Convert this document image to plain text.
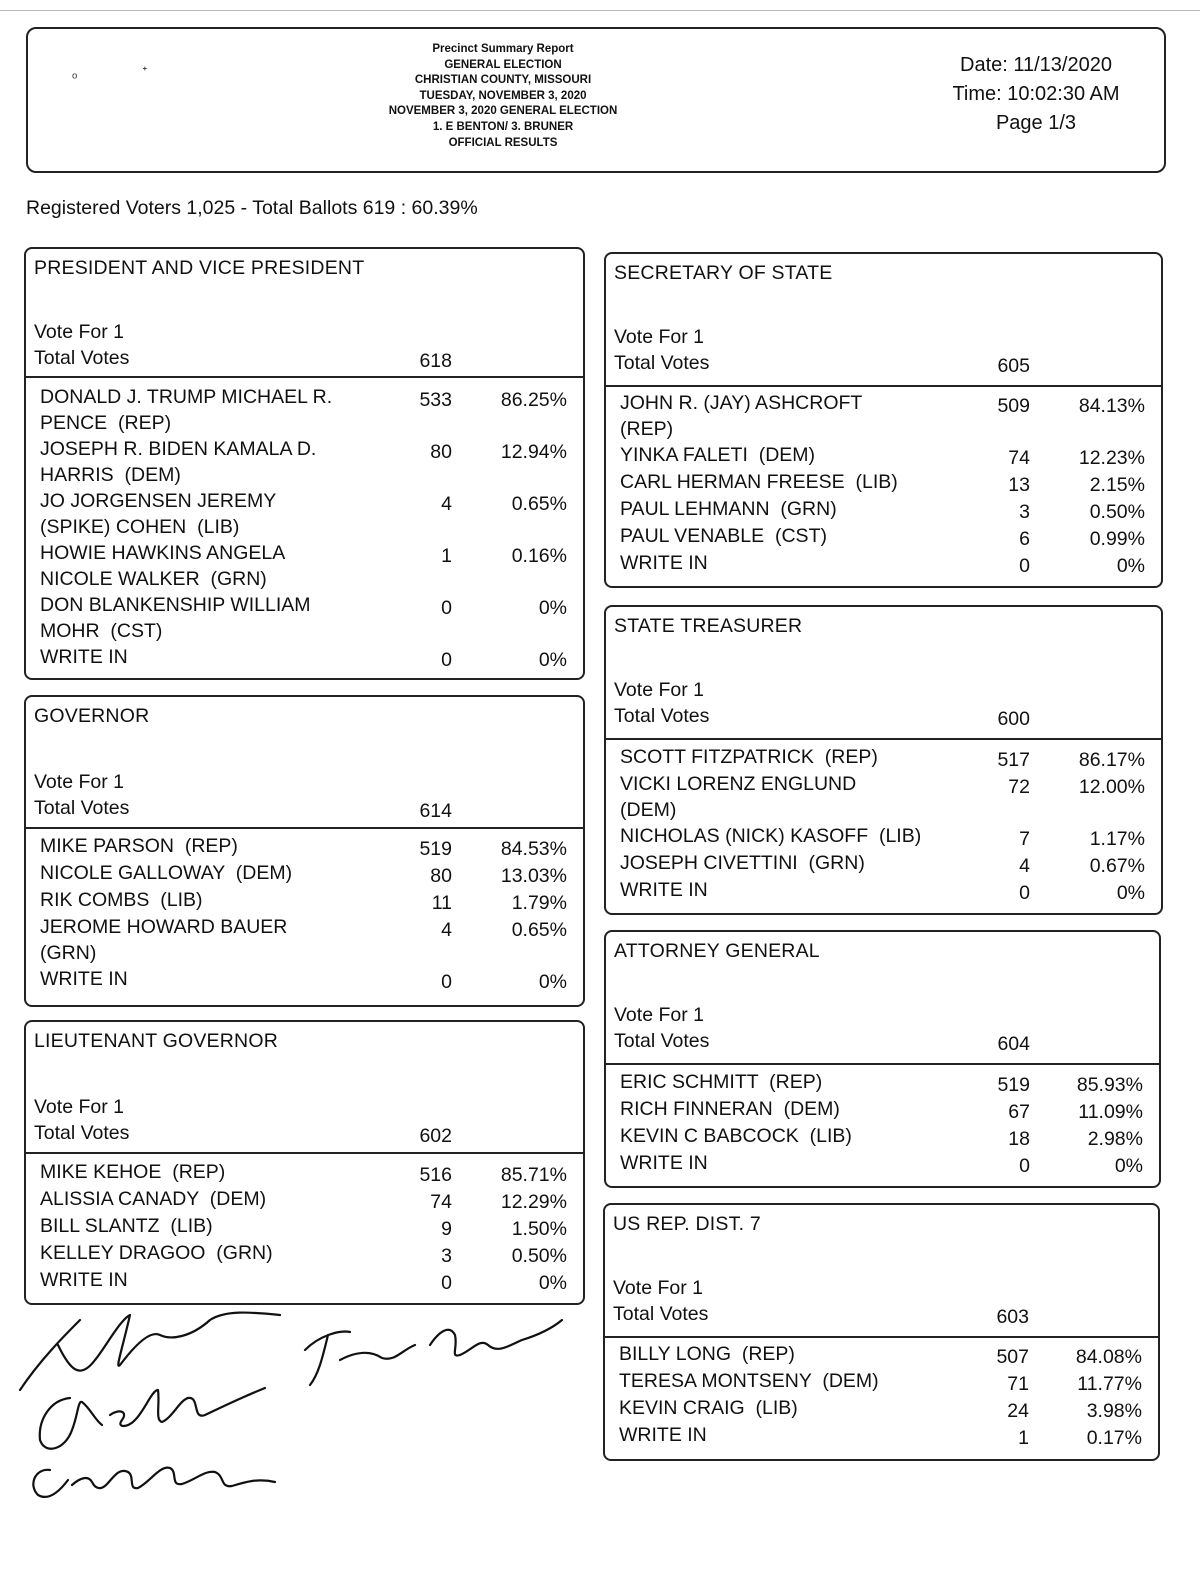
ᵒ	ᐩ
Precinct Summary Report
GENERAL ELECTION
CHRISTIAN COUNTY, MISSOURI
TUESDAY, NOVEMBER 3, 2020
NOVEMBER 3, 2020 GENERAL ELECTION
1. E BENTON/ 3. BRUNER
OFFICIAL RESULTS
Date: 11/13/2020
Time: 10:02:30 AM
Page 1/3
Registered Voters 1,025 - Total Ballots 619 : 60.39%
PRESIDENT AND VICE PRESIDENT
Vote For 1
Total Votes	618
DONALD J. TRUMP MICHAEL R.
PENCE  (REP)
533	86.25%
JOSEPH R. BIDEN KAMALA D.
HARRIS  (DEM)
80	12.94%
JO JORGENSEN JEREMY
(SPIKE) COHEN  (LIB)
4	0.65%
HOWIE HAWKINS ANGELA
NICOLE WALKER  (GRN)
1	0.16%
DON BLANKENSHIP WILLIAM
MOHR  (CST)
0	0%
WRITE IN	0	0%
GOVERNOR
Vote For 1
Total Votes	614
MIKE PARSON  (REP)	519	84.53%
NICOLE GALLOWAY  (DEM)	80	13.03%
RIK COMBS  (LIB)	11	1.79%
JEROME HOWARD BAUER
(GRN)
4	0.65%
WRITE IN	0	0%
LIEUTENANT GOVERNOR
Vote For 1
Total Votes	602
MIKE KEHOE  (REP)	516	85.71%
ALISSIA CANADY  (DEM)	74	12.29%
BILL SLANTZ  (LIB)	9	1.50%
KELLEY DRAGOO  (GRN)	3	0.50%
WRITE IN	0	0%
SECRETARY OF STATE
Vote For 1
Total Votes	605
JOHN R. (JAY) ASHCROFT
(REP)
509	84.13%
YINKA FALETI  (DEM)	74	12.23%
CARL HERMAN FREESE  (LIB)	13	2.15%
PAUL LEHMANN  (GRN)	3	0.50%
PAUL VENABLE  (CST)	6	0.99%
WRITE IN	0	0%
STATE TREASURER
Vote For 1
Total Votes	600
SCOTT FITZPATRICK  (REP)	517	86.17%
VICKI LORENZ ENGLUND
(DEM)
72	12.00%
NICHOLAS (NICK) KASOFF  (LIB)	7	1.17%
JOSEPH CIVETTINI  (GRN)	4	0.67%
WRITE IN	0	0%
ATTORNEY GENERAL
Vote For 1
Total Votes	604
ERIC SCHMITT  (REP)	519	85.93%
RICH FINNERAN  (DEM)	67	11.09%
KEVIN C BABCOCK  (LIB)	18	2.98%
WRITE IN	0	0%
US REP. DIST. 7
Vote For 1
Total Votes	603
BILLY LONG  (REP)	507	84.08%
TERESA MONTSENY  (DEM)	71	11.77%
KEVIN CRAIG  (LIB)	24	3.98%
WRITE IN	1	0.17%
